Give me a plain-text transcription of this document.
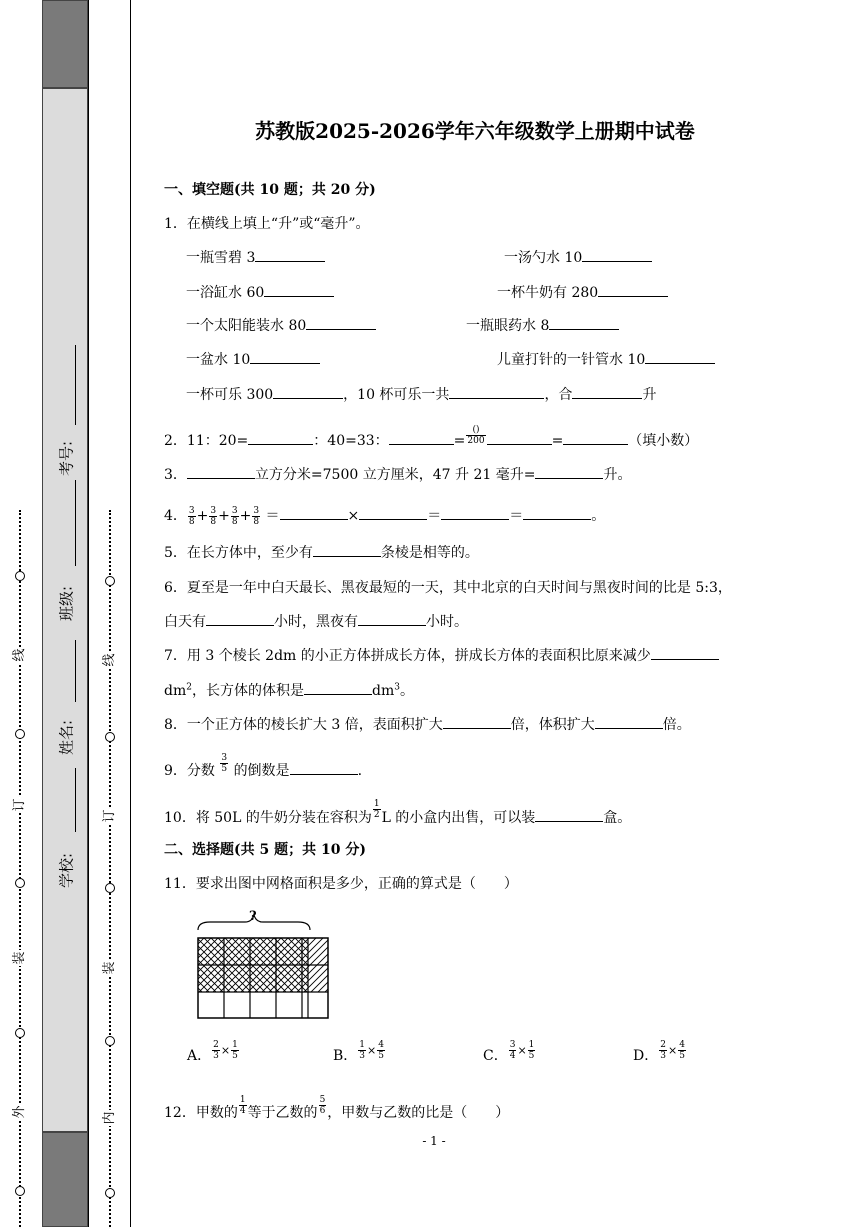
线
订
装
外
线
订
装
内
学校:
姓名:
班级:
考号:
苏教版2025-2026学年六年级数学上册期中试卷
一、填空题(共 10 题；共 20 分)
1．在横线上填上“升”或“毫升”。
一瓶雪碧 3	一汤勺水 10
一浴缸水 60	一杯牛奶有 280
一个太阳能装水 80	一瓶眼药水 8
一盆水 10	儿童打针的一针管水 10
一杯可乐 300	，10 杯可乐一共	，合	升
2．11：20=	：40=33：	= $\frac{()}{200}$	=	（填小数）
3．	立方分米=7500 立方厘米，47 升 21 毫升=	升。
4． $\frac{3}{8} + \frac{3}{8} + \frac{3}{8} + \frac{3}{8}$ ＝	×	＝	＝	。
5．在长方体中，至少有	条棱是相等的。
6．夏至是一年中白天最长、黑夜最短的一天，其中北京的白天时间与黑夜时间的比是 5:3，
白天有	小时，黑夜有	小时。
7．用 3 个棱长 2dm 的小正方体拼成长方体，拼成长方体的表面积比原来减少
$dm^2$，长方体的体积是	$dm^3$。
8．一个正方体的棱长扩大 3 倍，表面积扩大	倍，体积扩大	倍。
9．分数 $\frac{3}{5}$ 的倒数是	.
10．将 50L 的牛奶分装在容积为 $\frac{1}{2}$ L 的小盒内出售，可以装	盒。
二、选择题(共 5 题；共 10 分)
11．要求出图中网格面积是多少，正确的算式是（　　）
?
A． $\frac{2}{3} ^\times \frac{1}{5}$	B． $\frac{1}{3} ^\times \frac{4}{5}$	C． $\frac{3}{4} ^\times \frac{1}{5}$	D． $\frac{2}{3} ^\times \frac{4}{5}$
12．甲数的 $\frac{1}{4}$ 等于乙数的 $\frac{5}{6}$ ，甲数与乙数的比是（　　）
- 1 -
